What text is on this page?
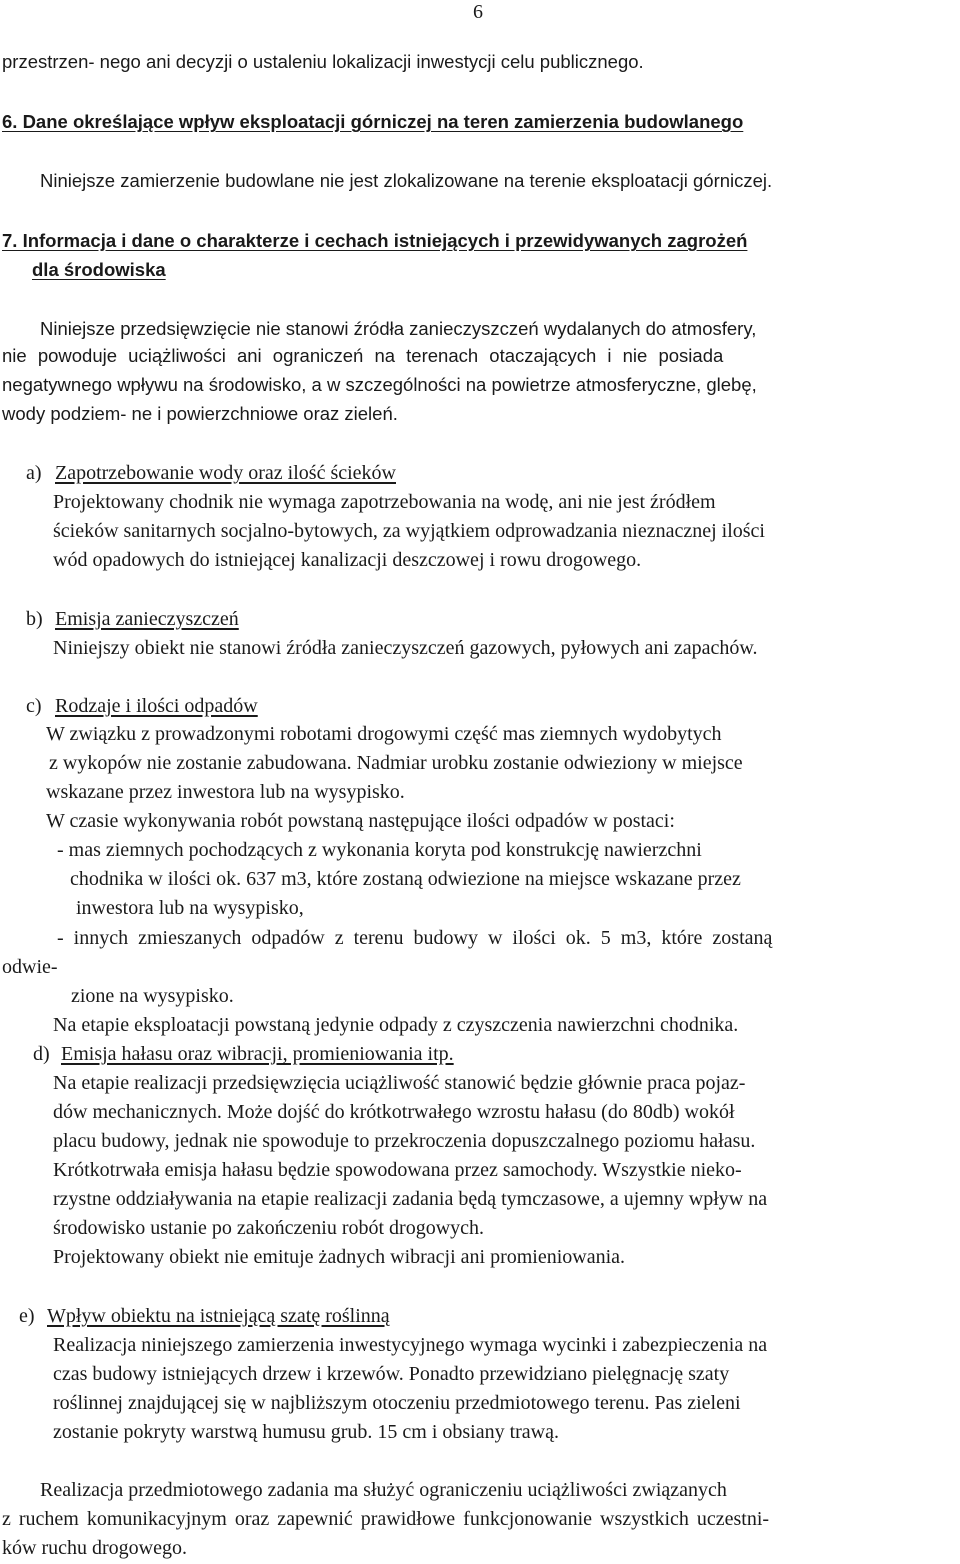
6
przestrzen- nego ani decyzji o ustaleniu lokalizacji inwestycji celu publicznego.
6. Dane określające wpływ eksploatacji górniczej na teren zamierzenia budowlanego
Niniejsze zamierzenie budowlane nie jest zlokalizowane na terenie eksploatacji górniczej.
7. Informacja i dane o charakterze i cechach istniejących i przewidywanych zagrożeń
dla środowiska
Niniejsze przedsięwzięcie nie stanowi źródła zanieczyszczeń wydalanych do atmosfery,
nie powoduje uciążliwości ani ograniczeń na terenach otaczających i nie posiada
negatywnego wpływu na środowisko, a w szczególności na powietrze atmosferyczne, glebę,
wody podziem- ne i powierzchniowe oraz zieleń.
a) Zapotrzebowanie wody oraz ilość ścieków
Projektowany chodnik nie wymaga zapotrzebowania na wodę, ani nie jest źródłem
ścieków sanitarnych socjalno-bytowych, za wyjątkiem odprowadzania nieznacznej ilości
wód opadowych do istniejącej kanalizacji deszczowej i rowu drogowego.
b) Emisja zanieczyszczeń
Niniejszy obiekt nie stanowi źródła zanieczyszczeń gazowych, pyłowych ani zapachów.
c) Rodzaje i ilości odpadów
W związku z prowadzonymi robotami drogowymi część mas ziemnych wydobytych
z wykopów nie zostanie zabudowana. Nadmiar urobku zostanie odwieziony w miejsce
wskazane przez inwestora lub na wysypisko.
W czasie wykonywania robót powstaną następujące ilości odpadów w postaci:
- mas ziemnych pochodzących z wykonania koryta pod konstrukcję nawierzchni
chodnika w ilości ok. 637 m3, które zostaną odwiezione na miejsce wskazane przez
inwestora lub na wysypisko,
- innych zmieszanych odpadów z terenu budowy w ilości ok. 5 m3, które zostaną
odwie-
zione na wysypisko.
Na etapie eksploatacji powstaną jedynie odpady z czyszczenia nawierzchni chodnika.
d) Emisja hałasu oraz wibracji, promieniowania itp.
Na etapie realizacji przedsięwzięcia uciążliwość stanowić będzie głównie praca pojaz-
dów mechanicznych. Może dojść do krótkotrwałego wzrostu hałasu (do 80db) wokół
placu budowy, jednak nie spowoduje to przekroczenia dopuszczalnego poziomu hałasu.
Krótkotrwała emisja hałasu będzie spowodowana przez samochody. Wszystkie nieko-
rzystne oddziaływania na etapie realizacji zadania będą tymczasowe, a ujemny wpływ na
środowisko ustanie po zakończeniu robót drogowych.
Projektowany obiekt nie emituje żadnych wibracji ani promieniowania.
e) Wpływ obiektu na istniejącą szatę roślinną
Realizacja niniejszego zamierzenia inwestycyjnego wymaga wycinki i zabezpieczenia na
czas budowy istniejących drzew i krzewów. Ponadto przewidziano pielęgnację szaty
roślinnej znajdującej się w najbliższym otoczeniu przedmiotowego terenu. Pas zieleni
zostanie pokryty warstwą humusu grub. 15 cm i obsiany trawą.
Realizacja przedmiotowego zadania ma służyć ograniczeniu uciążliwości związanych
z ruchem komunikacyjnym oraz zapewnić prawidłowe funkcjonowanie wszystkich uczestni-
ków ruchu drogowego.
